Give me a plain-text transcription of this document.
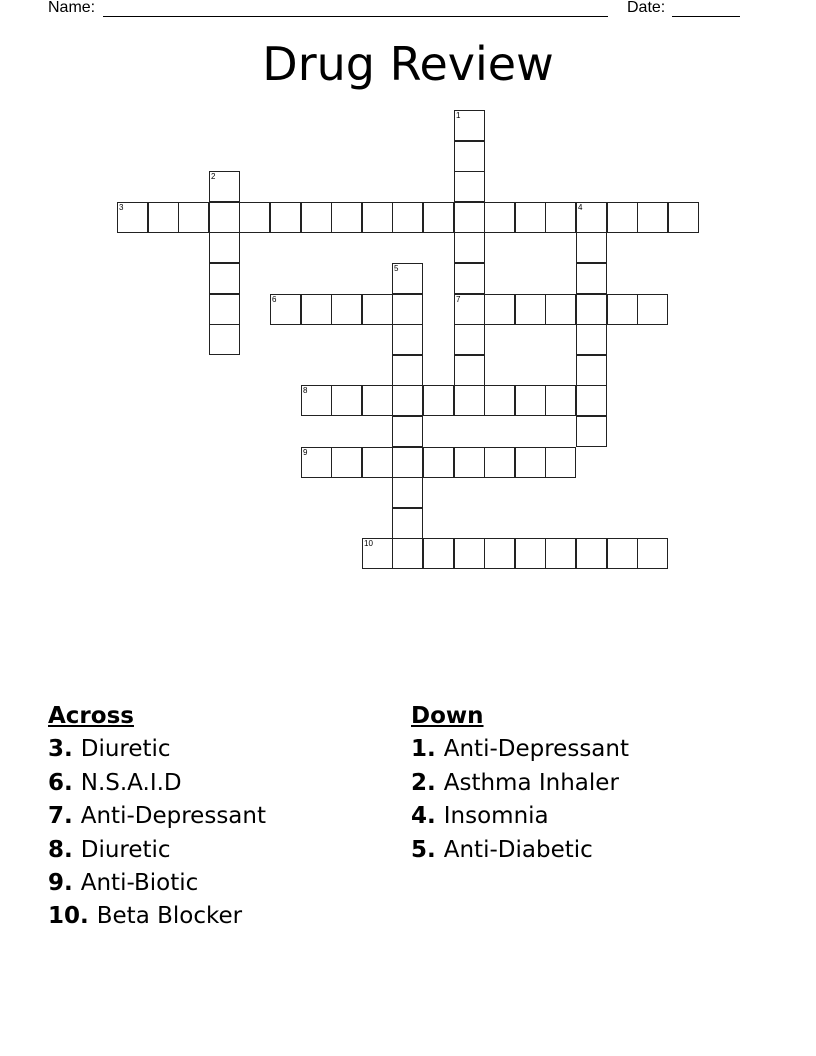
Name:	Date:
Drug Review
3	4
6	7
8
9
10
1
2
5
Across
3. Diuretic
6. N.S.A.I.D
7. Anti-Depressant
8. Diuretic
9. Anti-Biotic
10. Beta Blocker
Down
1. Anti-Depressant
2. Asthma Inhaler
4. Insomnia
5. Anti-Diabetic
